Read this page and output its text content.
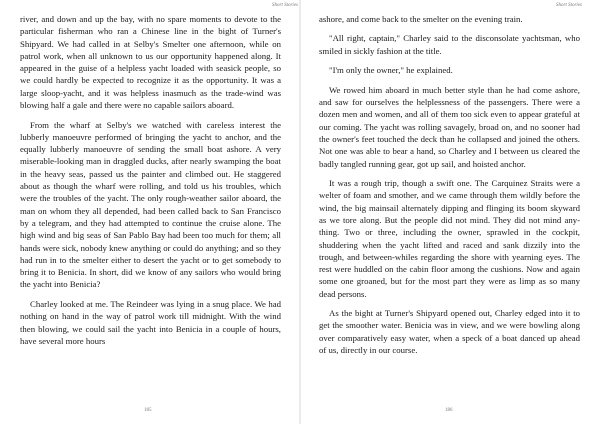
Short Stories

river, and down and up the bay, with no spare moments to devote to the particular fisherman who ran a Chinese line in the bight of Turner's Shipyard. We had called in at Selby's Smelter one afternoon, while on patrol work, when all unknown to us our opportunity happened along. It appeared in the guise of a helpless yacht loaded with seasick people, so we could hardly be expected to recognize it as the opportunity. It was a large sloop-yacht, and it was helpless inasmuch as the trade-wind was blowing half a gale and there were no capable sailors aboard.

From the wharf at Selby's we watched with careless interest the lubberly manoeuvre performed of bringing the yacht to anchor, and the equally lubberly manoeuvre of sending the small boat ashore. A very miserable-looking man in draggled ducks, after nearly swamping the boat in the heavy seas, passed us the painter and climbed out. He staggered about as though the wharf were rolling, and told us his troubles, which were the troubles of the yacht. The only rough-weather sailor aboard, the man on whom they all depended, had been called back to San Francisco by a telegram, and they had attempted to continue the cruise alone. The high wind and big seas of San Pablo Bay had been too much for them; all hands were sick, nobody knew anything or could do anything; and so they had run in to the smelter either to desert the yacht or to get somebody to bring it to Benicia. In short, did we know of any sailors who would bring the yacht into Benicia?

Charley looked at me. The Reindeer was lying in a snug place. We had nothing on hand in the way of patrol work till midnight. With the wind then blowing, we could sail the yacht into Benicia in a couple of hours, have several more hours

185
Short Stories

ashore, and come back to the smelter on the evening train.

"All right, captain," Charley said to the disconsolate yachtsman, who smiled in sickly fashion at the title.

"I'm only the owner," he explained.

We rowed him aboard in much better style than he had come ashore, and saw for ourselves the helplessness of the passengers. There were a dozen men and women, and all of them too sick even to appear grateful at our coming. The yacht was rolling savagely, broad on, and no sooner had the owner's feet touched the deck than he collapsed and joined the others. Not one was able to bear a hand, so Charley and I between us cleared the badly tangled running gear, got up sail, and hoisted anchor.

It was a rough trip, though a swift one. The Carquinez Straits were a welter of foam and smother, and we came through them wildly before the wind, the big mainsail alternately dipping and flinging its boom skyward as we tore along. But the people did not mind. They did not mind anything. Two or three, including the owner, sprawled in the cockpit, shuddering when the yacht lifted and raced and sank dizzily into the trough, and between-whiles regarding the shore with yearning eyes. The rest were huddled on the cabin floor among the cushions. Now and again some one groaned, but for the most part they were as limp as so many dead persons.

As the bight at Turner's Shipyard opened out, Charley edged into it to get the smoother water. Benicia was in view, and we were bowling along over comparatively easy water, when a speck of a boat danced up ahead of us, directly in our course.

186
